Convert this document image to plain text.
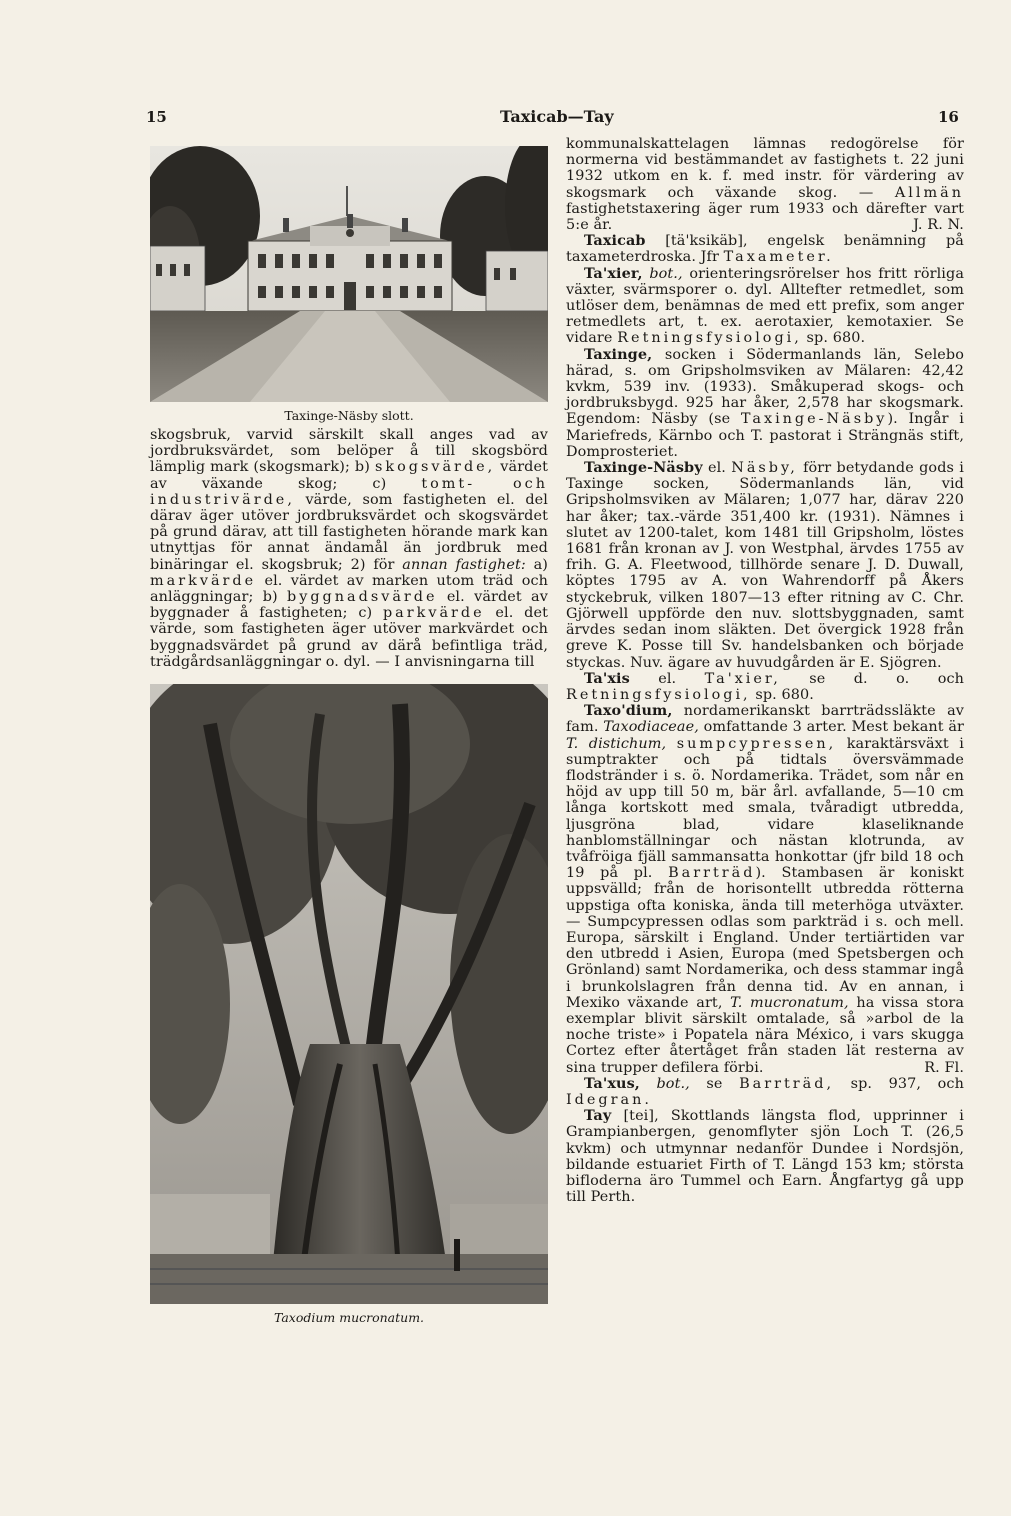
15	Taxicab—Tay	16
Taxinge-Näsby slott.

skogsbruk, varvid särskilt skall anges vad av jordbruksvärdet, som belöper å till skogsbörd lämplig mark (skogsmark); b) skogsvärde, värdet av växande skog; c) tomt- och industrivärde, värde, som fastigheten el. del därav äger utöver jordbruksvärdet och skogsvärdet på grund därav, att till fastigheten hörande mark kan utnyttjas för annat ändamål än jordbruk med binäringar el. skogsbruk; 2) för annan fastighet: a) markvärde el. värdet av marken utom träd och anläggningar; b) byggnadsvärde el. värdet av byggnader å fastigheten; c) parkvärde el. det värde, som fastigheten äger utöver markvärdet och byggnadsvärdet på grund av därå befintliga träd, trädgårdsanläggningar o. dyl. — I anvisningarna till

Taxodium mucronatum.

kommunalskattelagen lämnas redogörelse för normerna vid bestämmandet av fastighets t. 22 juni 1932 utkom en k. f. med instr. för värdering av skogsmark och växande skog. — Allmän fastighetstaxering äger rum 1933 och därefter vart 5:e år.	J. R. N.

Taxicab [tä'ksikäb], engelsk benämning på taxameterdroska. Jfr Taxameter.

Ta'xier, bot., orienteringsrörelser hos fritt rörliga växter, svärmsporer o. dyl. Alltefter retmedlet, som utlöser dem, benämnas de med ett prefix, som anger retmedlets art, t. ex. aerotaxier, kemotaxier. Se vidare Retningsfysiologi, sp. 680.

Taxinge, socken i Södermanlands län, Selebo härad, s. om Gripsholmsviken av Mälaren: 42,42 kvkm, 539 inv. (1933). Småkuperad skogs- och jordbruksbygd. 925 har åker, 2,578 har skogsmark. Egendom: Näsby (se Taxinge-Näsby). Ingår i Mariefreds, Kärnbo och T. pastorat i Strängnäs stift, Domprosteriet.

Taxinge-Näsby el. Näsby, förr betydande gods i Taxinge socken, Södermanlands län, vid Gripsholmsviken av Mälaren; 1,077 har, därav 220 har åker; tax.-värde 351,400 kr. (1931). Nämnes i slutet av 1200-talet, kom 1481 till Gripsholm, löstes 1681 från kronan av J. von Westphal, ärvdes 1755 av frih. G. A. Fleetwood, tillhörde senare J. D. Duwall, köptes 1795 av A. von Wahrendorff på Åkers styckebruk, vilken 1807—13 efter ritning av C. Chr. Gjörwell uppförde den nuv. slottsbyggnaden, samt ärvdes sedan inom släkten. Det övergick 1928 från greve K. Posse till Sv. handelsbanken och började styckas. Nuv. ägare av huvudgården är E. Sjögren.

Ta'xis el. Ta'xier, se d. o. och Retningsfysiologi, sp. 680.

Taxo'dium, nordamerikanskt barrträdssläkte av fam. Taxodiaceae, omfattande 3 arter. Mest bekant är T. distichum, sumpcypressen, karaktärsväxt i sumptrakter och på tidtals översvämmade flodstränder i s. ö. Nordamerika. Trädet, som når en höjd av upp till 50 m, bär årl. avfallande, 5—10 cm långa kortskott med smala, tvåradigt utbredda, ljusgröna blad, vidare klaseliknande hanblomställningar och nästan klotrunda, av tvåfröiga fjäll sammansatta honkottar (jfr bild 18 och 19 på pl. Barrträd). Stambasen är koniskt uppsvälld; från de horisontellt utbredda rötterna uppstiga ofta koniska, ända till meterhöga utväxter. — Sumpcypressen odlas som parkträd i s. och mell. Europa, särskilt i England. Under tertiärtiden var den utbredd i Asien, Europa (med Spetsbergen och Grönland) samt Nordamerika, och dess stammar ingå i brunkolslagren från denna tid. Av en annan, i Mexiko växande art, T. mucronatum, ha vissa stora exemplar blivit särskilt omtalade, så »arbol de la noche triste» i Popatela nära México, i vars skugga Cortez efter återtåget från staden lät resterna av sina trupper defilera förbi.	R. Fl.

Ta'xus, bot., se Barrträd, sp. 937, och Idegran.

Tay [tei], Skottlands längsta flod, upprinner i Grampianbergen, genomflyter sjön Loch T. (26,5 kvkm) och utmynnar nedanför Dundee i Nordsjön, bildande estuariet Firth of T. Längd 153 km; största bifloderna äro Tummel och Earn. Ångfartyg gå upp till Perth.
